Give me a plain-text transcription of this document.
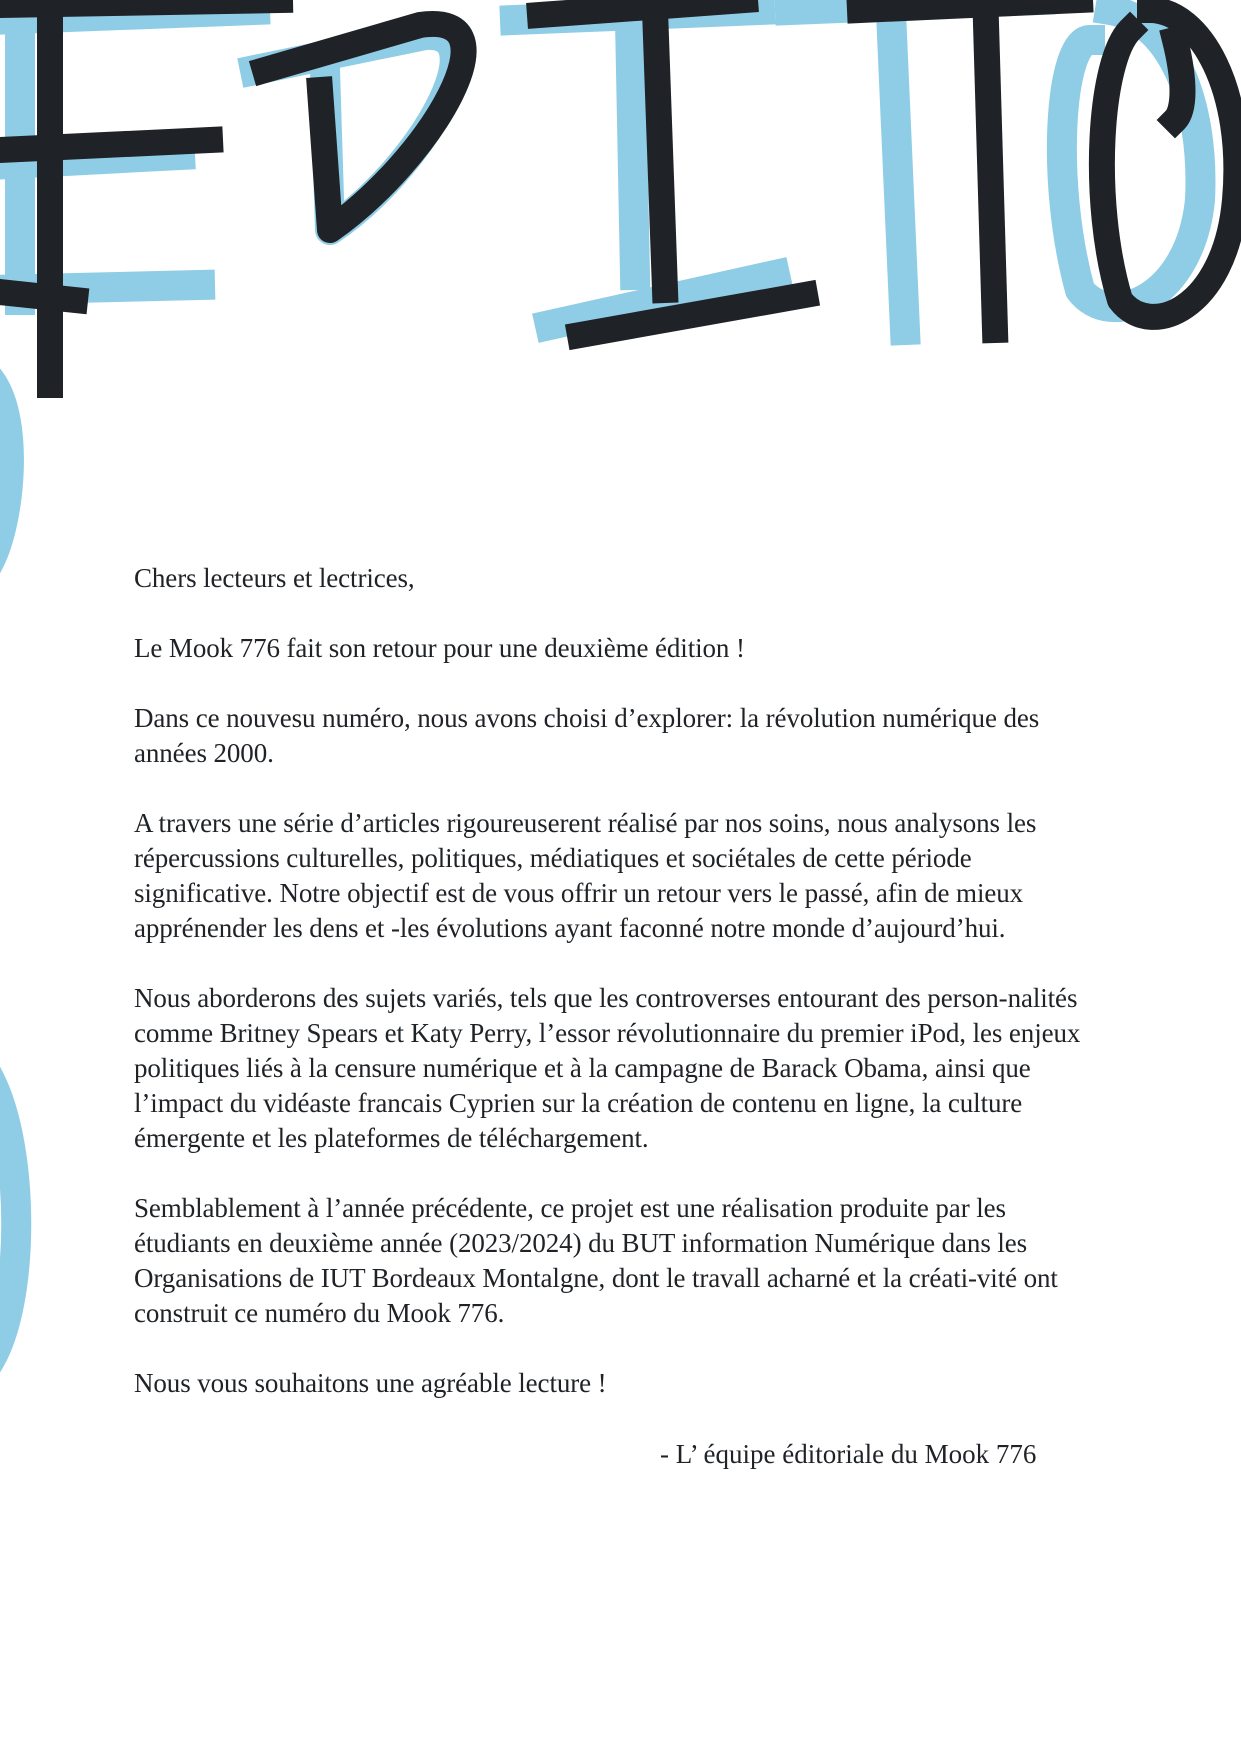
Chers lecteurs et lectrices,

Le Mook 776 fait son retour pour une deuxième édition !

Dans ce nouvesu numéro, nous avons choisi d’explorer: la révolution numérique des années 2000.

A travers une série d’articles rigoureuserent réalisé par nos soins, nous analysons les répercussions culturelles, politiques, médiatiques et sociétales de cette période significative. Notre objectif est de vous offrir un retour vers le passé, afin de mieux apprénender les dens et -les évolutions ayant faconné notre monde d’aujourd’hui.

Nous aborderons des sujets variés, tels que les controverses entourant des person-nalités comme Britney Spears et Katy Perry, l’essor révolutionnaire du premier iPod, les enjeux politiques liés à la censure numérique et à la campagne de Barack Obama, ainsi que l’impact du vidéaste francais Cyprien sur la création de contenu en ligne, la culture émergente et les plateformes de téléchargement.

Semblablement à l’année précédente, ce projet est une réalisation produite par les étudiants en deuxième année (2023/2024) du BUT information Numérique dans les Organisations de IUT Bordeaux Montalgne, dont le travall acharné et la créati-vité ont construit ce numéro du Mook 776.

Nous vous souhaitons une agréable lecture !

- L’ équipe éditoriale du Mook 776
